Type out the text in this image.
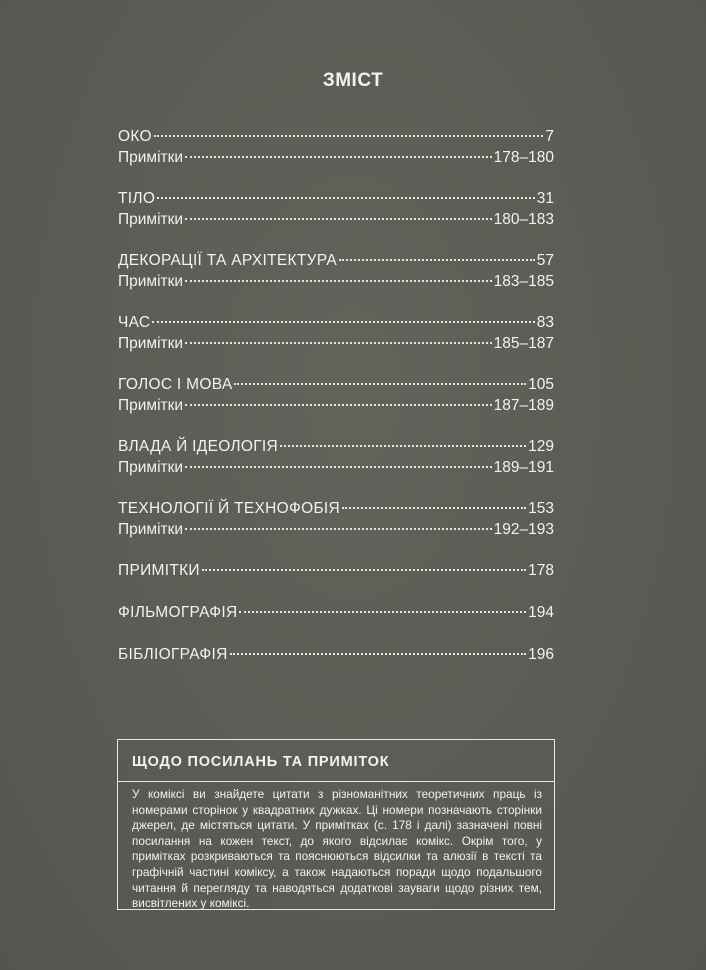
ЗМІСТ
ОКО	7
Примітки	178–180
ТІЛО	31
Примітки	180–183
ДЕКОРАЦІЇ ТА АРХІТЕКТУРА	57
Примітки	183–185
ЧАС	83
Примітки	185–187
ГОЛОС І МОВА	105
Примітки	187–189
ВЛАДА Й ІДЕОЛОГІЯ	129
Примітки	189–191
ТЕХНОЛОГІЇ Й ТЕХНОФОБІЯ	153
Примітки	192–193
ПРИМІТКИ	178
ФІЛЬМОГРАФІЯ	194
БІБЛІОГРАФІЯ	196
ЩОДО ПОСИЛАНЬ ТА ПРИМІТОК
У коміксі ви знайдете цитати з різноманітних теоретичних праць із номерами сторінок у квадратних дужках. Ці номери позначають сторінки джерел, де містяться цитати. У примітках (с. 178 і далі) зазначені повні посилання на кожен текст, до якого відсилає комікс. Окрім того, у примітках розкриваються та пояснюються відсилки та алюзії в тексті та графічній частині коміксу, а також надаються поради щодо подальшого читання й перегляду та наводяться додаткові зауваги щодо різних тем, висвітлених у коміксі.
